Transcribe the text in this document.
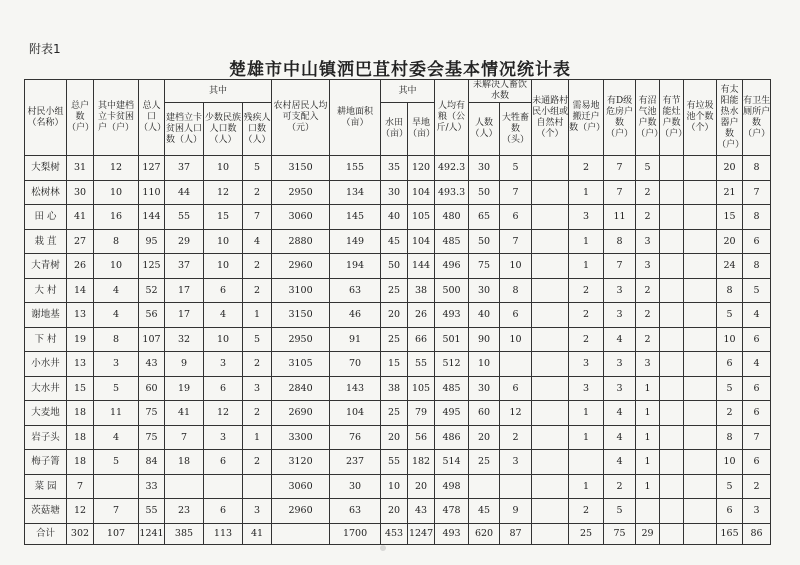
附表1
楚雄市中山镇洒巴苴村委会基本情况统计表
村民小组（名称）	总户数（户）	其中建档立卡贫困户（户）	总人口（人）	其中			农村居民人均可支配入（元）	耕地面积（亩）	其中		人均有粮（公斤/人）	未解决人畜饮水数		未通路村民小组或自然村（个）	需易地搬迁户数（户）	有D级危房户数（户）	有沼气池户数（户）	有节能灶户数（户）	有垃圾池个数（个）	有太阳能热水器户数（户）	有卫生厕所户数（户）
				建档立卡贫困人口数（人）	少数民族人口数（人）	残疾人口数（人）			水田（亩）	旱地（亩）		人数（人）	大牲畜数（头）								
大梨树	31	12	127	37	10	5	3150	155	35	120	492.3	30	5		2	7	5			20	8
松树林	30	10	110	44	12	2	2950	134	30	104	493.3	50	7		1	7	2			21	7
田 心	41	16	144	55	15	7	3060	145	40	105	480	65	6		3	11	2			15	8
栽 苴	27	8	95	29	10	4	2880	149	45	104	485	50	7		1	8	3			20	6
大青树	26	10	125	37	10	2	2960	194	50	144	496	75	10		1	7	3			24	8
大 村	14	4	52	17	6	2	3100	63	25	38	500	30	8		2	3	2			8	5
谢地基	13	4	56	17	4	1	3150	46	20	26	493	40	6		2	3	2			5	4
下 村	19	8	107	32	10	5	2950	91	25	66	501	90	10		2	4	2			10	6
小水井	13	3	43	9	3	2	3105	70	15	55	512	10			3	3	3			6	4
大水井	15	5	60	19	6	3	2840	143	38	105	485	30	6		3	3	1			5	6
大麦地	18	11	75	41	12	2	2690	104	25	79	495	60	12		1	4	1			2	6
岩子头	18	4	75	7	3	1	3300	76	20	56	486	20	2		1	4	1			8	7
梅子箐	18	5	84	18	6	2	3120	237	55	182	514	25	3			4	1			10	6
菜 园	7		33				3060	30	10	20	498				1	2	1			5	2
茨菇塘	12	7	55	23	6	3	2960	63	20	43	478	45	9		2	5				6	3
合计	302	107	1241	385	113	41		1700	453	1247	493	620	87		25	75	29			165	86
